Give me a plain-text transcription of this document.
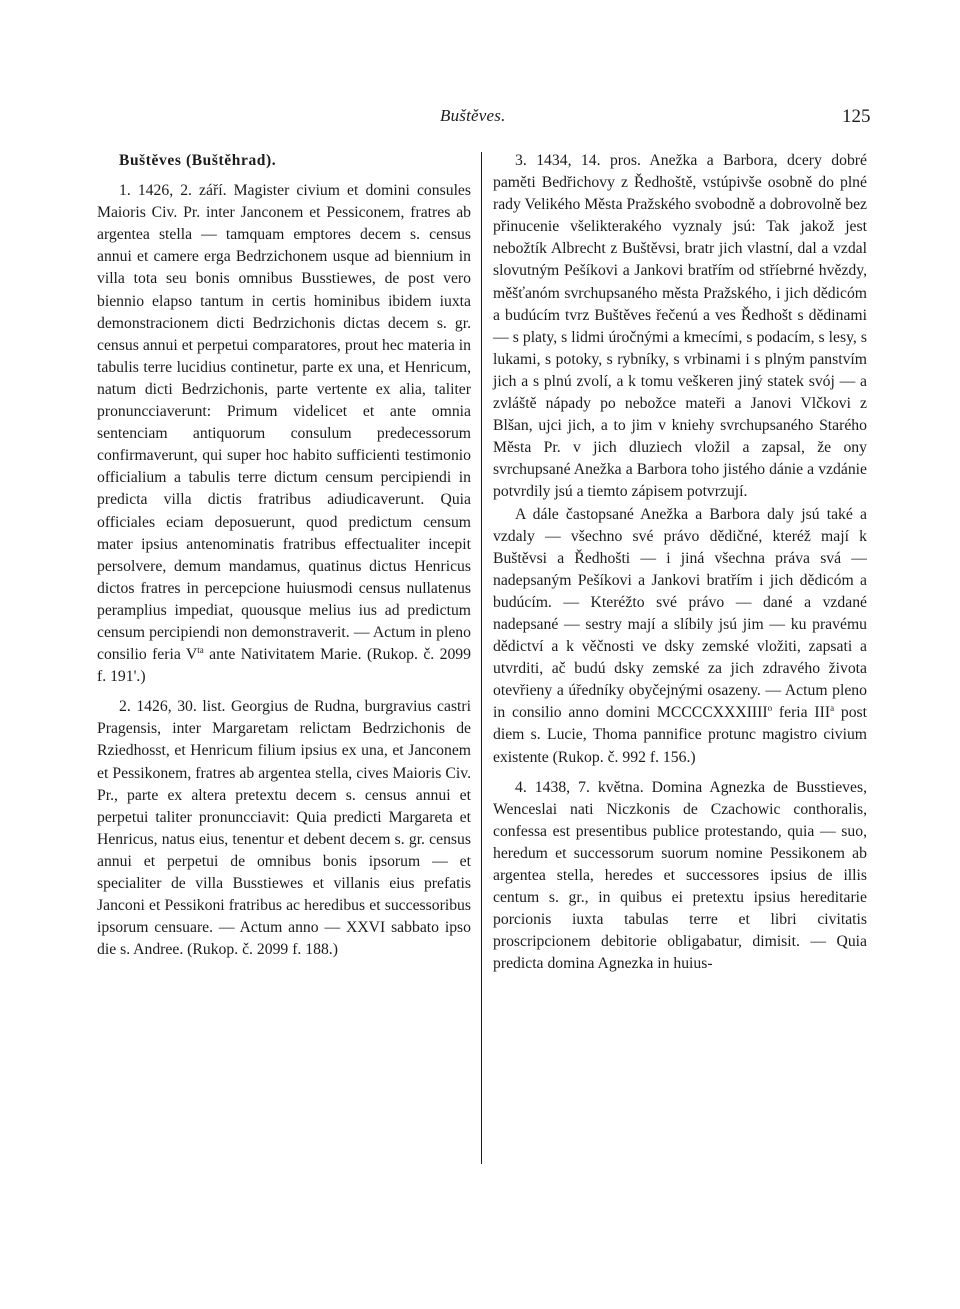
Buštěves.	125

Buštěves (Buštěhrad).

1. 1426, 2. září. Magister civium et domini consules Maioris Civ. Pr. inter Janconem et Pessiconem, fratres ab argentea stella — tamquam emptores decem s. census annui et camere erga Bedrzichonem usque ad biennium in villa tota seu bonis omnibus Busstiewes, de post vero biennio elapso tantum in certis hominibus ibidem iuxta demonstracionem dicti Bedrzichonis dictas decem s. gr. census annui et perpetui comparatores, prout hec materia in tabulis terre lucidius continetur, parte ex una, et Henricum, natum dicti Bedrzichonis, parte vertente ex alia, taliter pronuncciaverunt: Primum videlicet et ante omnia sentenciam antiquorum consulum predecessorum confirmaverunt, qui super hoc habito sufficienti testimonio officialium a tabulis terre dictum censum percipiendi in predicta villa dictis fratribus adiudicaverunt. Quia officiales eciam deposuerunt, quod predictum censum mater ipsius antenominatis fratribus effectualiter incepit persolvere, demum mandamus, quatinus dictus Henricus dictos fratres in percepcione huiusmodi census nullatenus peramplius impediat, quousque melius ius ad predictum censum percipiendi non demonstraverit. — Actum in pleno consilio feria $V^{ta}$ ante Nativitatem Marie. (Rukop. č. 2099 f. 191'.)

2. 1426, 30. list. Georgius de Rudna, burgravius castri Pragensis, inter Margaretam relictam Bedrzichonis de Rziedhosst, et Henricum filium ipsius ex una, et Janconem et Pessikonem, fratres ab argentea stella, cives Maioris Civ. Pr., parte ex altera pretextu decem s. census annui et perpetui taliter pronuncciavit: Quia predicti Margareta et Henricus, natus eius, tenentur et debent decem s. gr. census annui et perpetui de omnibus bonis ipsorum — et specialiter de villa Busstiewes et villanis eius prefatis Janconi et Pessikoni fratribus ac heredibus et successoribus ipsorum censuare. — Actum anno — XXVI sabbato ipso die s. Andree. (Rukop. č. 2099 f. 188.)

3. 1434, 14. pros. Anežka a Barbora, dcery dobré paměti Bedřichovy z Ředhoště, vstúpivše osobně do plné rady Velikého Města Pražského svobodně a dobrovolně bez přinucenie všelikterakého vyznaly jsú: Tak jakož jest nebožtík Albrecht z Buštěvsi, bratr jich vlastní, dal a vzdal slovutným Pešíkovi a Jankovi bratřím od stříebrné hvězdy, měšťanóm svrchupsaného města Pražského, i jich dědicóm a budúcím tvrz Buštěves řečenú a ves Ředhošt s dědinami — s platy, s lidmi úročnými a kmecími, s podacím, s lesy, s lukami, s potoky, s rybníky, s vrbinami i s plným panstvím jich a s plnú zvolí, a k tomu veškeren jiný statek svój — a zvláště nápady po nebožce mateři a Janovi Vlčkovi z Blšan, ujci jich, a to jim v kniehy svrchupsaného Starého Města Pr. v jich dluziech vložil a zapsal, že ony svrchupsané Anežka a Barbora toho jistého dánie a vzdánie potvrdily jsú a tiemto zápisem potvrzují.

A dále častopsané Anežka a Barbora daly jsú také a vzdaly — všechno své právo dědičné, kteréž mají k Buštěvsi a Ředhošti — i jiná všechna práva svá — nadepsaným Pešíkovi a Jankovi bratřím i jich dědicóm a budúcím. — Kteréžto své právo — dané a vzdané nadepsané — sestry mají a slíbily jsú jim — ku pravému dědictví a k věčnosti ve dsky zemské vložiti, zapsati a utvrditi, ač budú dsky zemské za jich zdravého života otevřieny a úředníky obyčejnými osazeny. — Actum pleno in consilio anno domini MCCCCXXXIIII$^o$ feria III$^a$ post diem s. Lucie, Thoma pannifice protunc magistro civium existente (Rukop. č. 992 f. 156.)

4. 1438, 7. května. Domina Agnezka de Busstieves, Wenceslai nati Niczkonis de Czachowic conthoralis, confessa est presentibus publice protestando, quia — suo, heredum et successorum suorum nomine Pessikonem ab argentea stella, heredes et successores ipsius de illis centum s. gr., in quibus ei pretextu ipsius hereditarie porcionis iuxta tabulas terre et libri civitatis proscripcionem debitorie obligabatur, dimisit. — Quia predicta domina Agnezka in huius-
